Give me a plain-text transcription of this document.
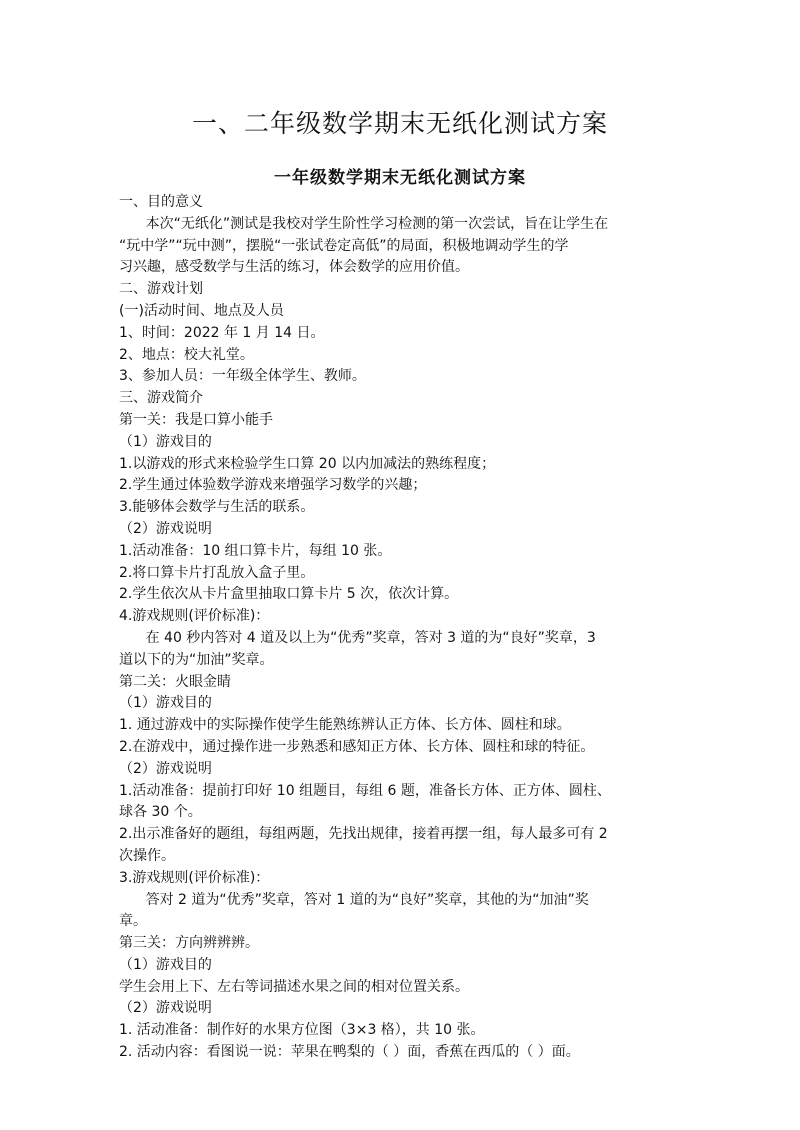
一、二年级数学期末无纸化测试方案
一年级数学期末无纸化测试方案
一、目的意义
本次“无纸化”测试是我校对学生阶性学习检测的第一次尝试，旨在让学生在
“玩中学”“玩中测”，摆脱“一张试卷定高低”的局面，积极地调动学生的学
习兴趣，感受数学与生活的练习，体会数学的应用价值。
二、游戏计划
(一)活动时间、地点及人员
1、时间：2022 年 1 月 14 日。
2、地点：校大礼堂。
3、参加人员：一年级全体学生、教师。
三、游戏简介
第一关：我是口算小能手
（1）游戏目的
1.以游戏的形式来检验学生口算 20 以内加减法的熟练程度；
2.学生通过体验数学游戏来增强学习数学的兴趣；
3.能够体会数学与生活的联系。
（2）游戏说明
1.活动准备：10 组口算卡片，每组 10 张。
2.将口算卡片打乱放入盒子里。
2.学生依次从卡片盒里抽取口算卡片 5 次，依次计算。
4.游戏规则(评价标准)：
在 40 秒内答对 4 道及以上为“优秀”奖章，答对 3 道的为“良好”奖章，3
道以下的为“加油”奖章。
第二关：火眼金睛
（1）游戏目的
1. 通过游戏中的实际操作使学生能熟练辨认正方体、长方体、圆柱和球。
2.在游戏中，通过操作进一步熟悉和感知正方体、长方体、圆柱和球的特征。
（2）游戏说明
1.活动准备：提前打印好 10 组题目，每组 6 题，准备长方体、正方体、圆柱、
球各 30 个。
2.出示准备好的题组，每组两题，先找出规律，接着再摆一组，每人最多可有 2
次操作。
3.游戏规则(评价标准)：
答对 2 道为“优秀”奖章，答对 1 道的为“良好”奖章，其他的为“加油”奖
章。
第三关：方向辨辨辨。
（1）游戏目的
学生会用上下、左右等词描述水果之间的相对位置关系。
（2）游戏说明
1. 活动准备：制作好的水果方位图（3×3 格），共 10 张。
2. 活动内容：看图说一说：苹果在鸭梨的（ ）面，香蕉在西瓜的（ ）面。
